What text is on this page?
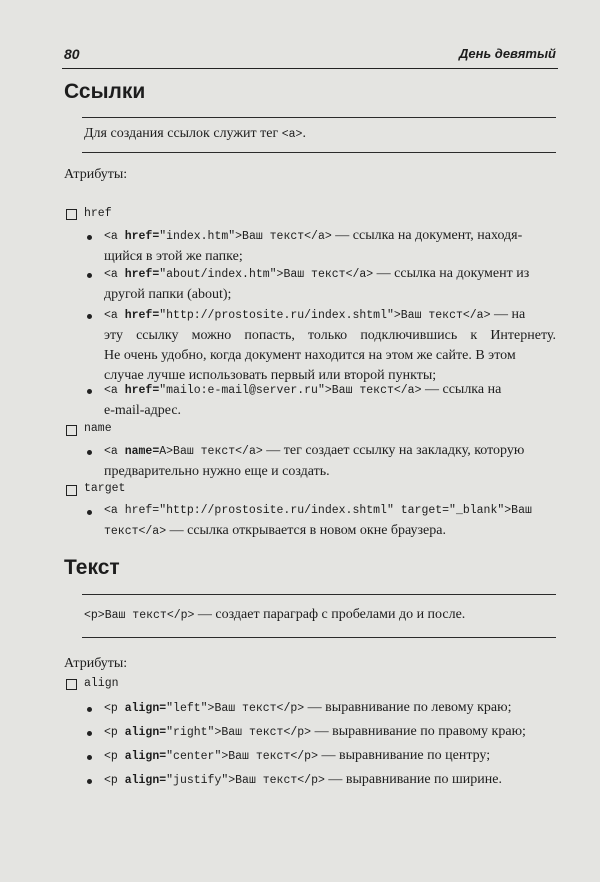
80	День девятый
Ссылки
Для создания ссылок служит тег <a>.
Атрибуты:
href
<a href="index.htm">Ваш текст</a> — ссылка на документ, находя-
щийся в этой же папке;
<a href="about/index.htm">Ваш текст</a> — ссылка на документ из
другой папки (about);
<a href="http://prostosite.ru/index.shtml">Ваш текст</a> — на
эту ссылку можно попасть, только подключившись к Интернету.
Не очень удобно, когда документ находится на этом же сайте. В этом
случае лучше использовать первый или второй пункты;
<a href="mailo:e-mail@server.ru">Ваш текст</a> — ссылка на
e-mail-адрес.
name
<a name=A>Ваш текст</a> — тег создает ссылку на закладку, которую
предварительно нужно еще и создать.
target
<a href="http://prostosite.ru/index.shtml" target="_blank">Ваш
текст</a> — ссылка открывается в новом окне браузера.
Текст
<p>Ваш текст</p> — создает параграф с пробелами до и после.
Атрибуты:
align
<p align="left">Ваш текст</p> — выравнивание по левому краю;
<p align="right">Ваш текст</p> — выравнивание по правому краю;
<p align="center">Ваш текст</p> — выравнивание по центру;
<p align="justify">Ваш текст</p> — выравнивание по ширине.
